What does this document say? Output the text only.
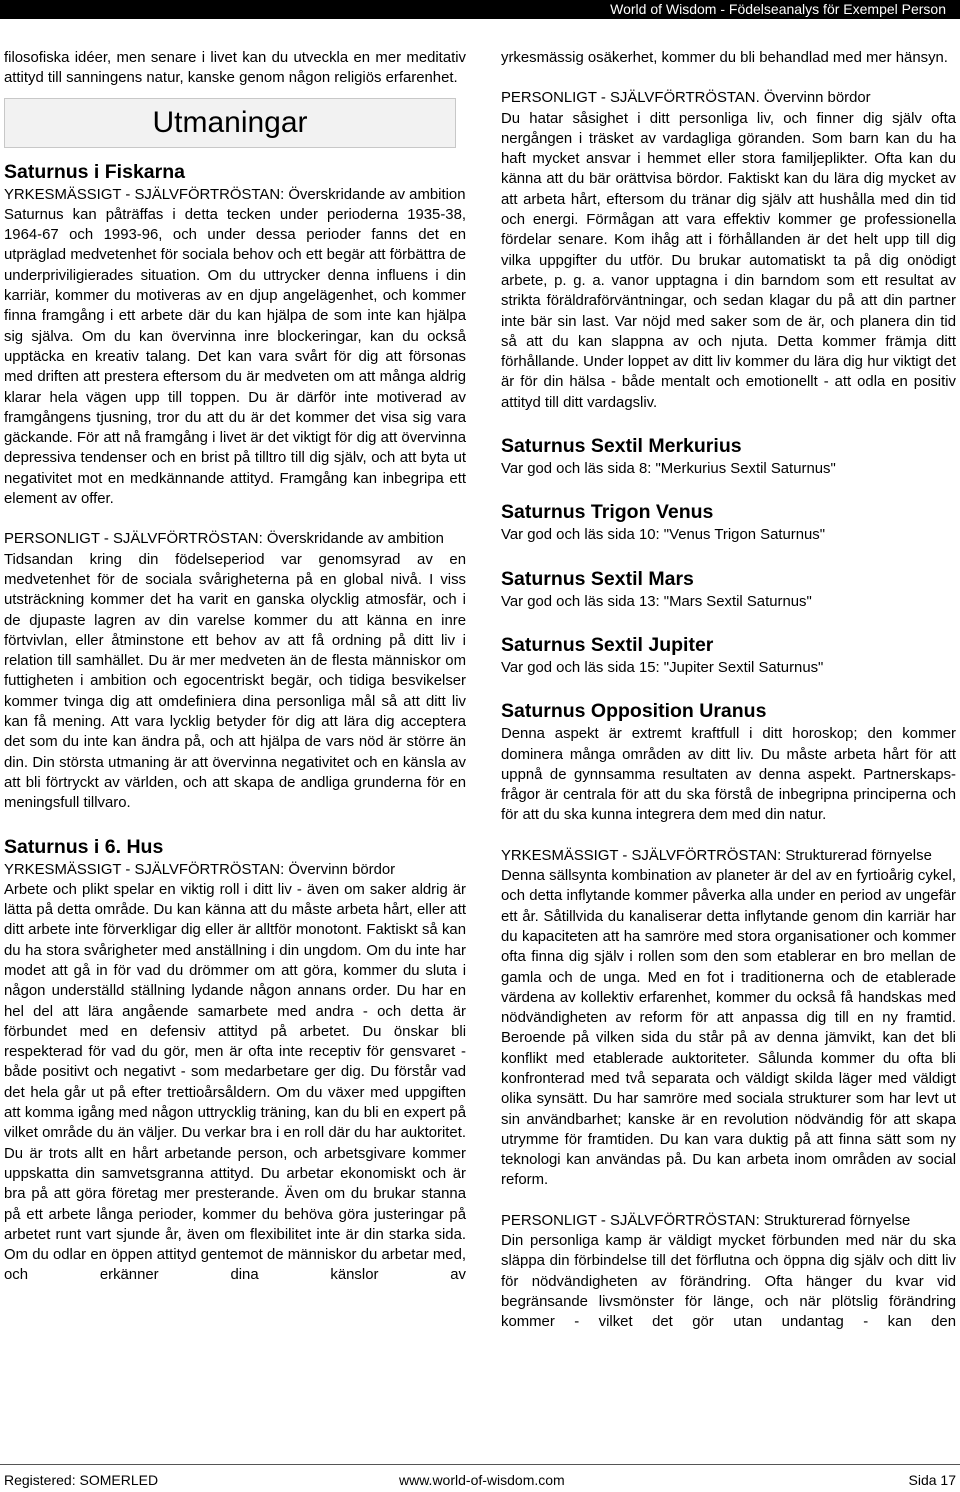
World of Wisdom - Födelseanalys för Exempel Person

filosofiska idéer, men senare i livet kan du utveckla en mer meditativ attityd till sanningens natur, kanske genom någon religiös erfarenhet.

Utmaningar
Saturnus i Fiskarna

YRKESMÄSSIGT - SJÄLVFÖRTRÖSTAN: Överskridande av ambition

Saturnus kan påträffas i detta tecken under perioderna 1935-38, 1964-67 och 1993-96, och under dessa perioder fanns det en utpräglad medvetenhet för sociala behov och ett begär att förbättra de underpriviligierades situation. Om du uttrycker denna influens i din karriär, kommer du motiveras av en djup angelägenhet, och kommer finna framgång i ett arbete där du kan hjälpa de som inte kan hjälpa sig själva. Om du kan övervinna inre blockeringar, kan du också upptäcka en kreativ talang. Det kan vara svårt för dig att försonas med driften att prestera eftersom du är medveten om att många aldrig klarar hela vägen upp till toppen. Du är därför inte motiverad av framgångens tjusning, tror du att du är det kommer det visa sig vara gäckande. För att nå framgång i livet är det viktigt för dig att övervinna depressiva tendenser och en brist på tilltro till dig själv, och att byta ut negativitet mot en medkännande attityd. Framgång kan inbegripa ett element av offer.

PERSONLIGT - SJÄLVFÖRTRÖSTAN: Överskridande av ambition

Tidsandan kring din födelseperiod var genomsyrad av en medvetenhet för de sociala svårigheterna på en global nivå. I viss utsträckning kommer det ha varit en ganska olycklig atmosfär, och i de djupaste lagren av din varelse kommer du att känna en inre förtvivlan, eller åtminstone ett behov av att få ordning på ditt liv i relation till samhället. Du är mer medveten än de flesta människor om futtigheten i ambition och egocentriskt begär, och tidiga besvikelser kommer tvinga dig att omdefiniera dina personliga mål så att ditt liv kan få mening. Att vara lycklig betyder för dig att lära dig acceptera det som du inte kan ändra på, och att hjälpa de vars nöd är större än din. Din största utmaning är att övervinna negativitet och en känsla av att bli förtryckt av världen, och att skapa de andliga grunderna för en meningsfull tillvaro.

Saturnus i 6. Hus

YRKESMÄSSIGT - SJÄLVFÖRTRÖSTAN: Övervinn bördor

Arbete och plikt spelar en viktig roll i ditt liv - även om saker aldrig är lätta på detta område. Du kan känna att du måste arbeta hårt, eller att ditt arbete inte förverkligar dig eller är alltför monotont. Faktiskt så kan du ha stora svårigheter med anställning i din ungdom. Om du inte har modet att gå in för vad du drömmer om att göra, kommer du sluta i någon underställd ställning lydande någon annans order. Du har en hel del att lära angående samarbete med andra - och detta är förbundet med en defensiv attityd på arbetet. Du önskar bli respekterad för vad du gör, men är ofta inte receptiv för gensvaret - både positivt och negativt - som medarbetare ger dig. Du förstår vad det hela går ut på efter trettioårsåldern. Om du växer med uppgiften att komma igång med någon uttrycklig träning, kan du bli en expert på vilket område du än väljer. Du verkar bra i en roll där du har auktoritet. Du är trots allt en hårt arbetande person, och arbetsgivare kommer uppskatta din samvetsgranna attityd. Du arbetar ekonomiskt och är bra på att göra företag mer presterande. Även om du brukar stanna på ett arbete långa perioder, kommer du behöva göra justeringar på arbetet runt vart sjunde år, även om flexibilitet inte är din starka sida. Om du odlar en öppen attityd gentemot de människor du arbetar med, och erkänner dina känslor av

yrkesmässig osäkerhet, kommer du bli behandlad med mer hänsyn.

PERSONLIGT - SJÄLVFÖRTRÖSTAN. Övervinn bördor

Du hatar såsighet i ditt personliga liv, och finner dig själv ofta nergången i träsket av vardagliga göranden. Som barn kan du ha haft mycket ansvar i hemmet eller stora familjeplikter. Ofta kan du känna att du bär orättvisa bördor. Faktiskt kan du lära dig mycket av att arbeta hårt, eftersom du tränar dig själv att hushålla med din tid och energi. Förmågan att vara effektiv kommer ge professionella fördelar senare. Kom ihåg att i förhållanden är det helt upp till dig vilka uppgifter du utför. Du brukar automatiskt ta på dig onödigt arbete, p. g. a. vanor upptagna i din barndom som ett resultat av strikta föräldraförväntningar, och sedan klagar du på att din partner inte bär sin last. Var nöjd med saker som de är, och planera din tid så att du kan slappna av och njuta. Detta kommer främja ditt förhållande. Under loppet av ditt liv kommer du lära dig hur viktigt det är för din hälsa - både mentalt och emotionellt - att odla en positiv attityd till ditt vardagsliv.

Saturnus Sextil Merkurius

Var god och läs sida 8: "Merkurius Sextil Saturnus"

Saturnus Trigon Venus

Var god och läs sida 10: "Venus Trigon Saturnus"

Saturnus Sextil Mars

Var god och läs sida 13: "Mars Sextil Saturnus"

Saturnus Sextil Jupiter

Var god och läs sida 15: "Jupiter Sextil Saturnus"

Saturnus Opposition Uranus

Denna aspekt är extremt kraftfull i ditt horoskop; den kommer dominera många områden av ditt liv. Du måste arbeta hårt för att uppnå de gynnsamma resultaten av denna aspekt. Partnerskaps-frågor är centrala för att du ska förstå de inbegripna principerna och för att du ska kunna integrera dem med din natur.

YRKESMÄSSIGT - SJÄLVFÖRTRÖSTAN: Strukturerad förnyelse

Denna sällsynta kombination av planeter är del av en fyrtioårig cykel, och detta inflytande kommer påverka alla under en period av ungefär ett år. Såtillvida du kanaliserar detta inflytande genom din karriär har du kapaciteten att ha samröre med stora organisationer och kommer ofta finna dig själv i rollen som den som etablerar en bro mellan de gamla och de unga. Med en fot i traditionerna och de etablerade värdena av kollektiv erfarenhet, kommer du också få handskas med nödvändigheten av reform för att anpassa dig till en ny framtid. Beroende på vilken sida du står på av denna jämvikt, kan det bli konflikt med etablerade auktoriteter. Sålunda kommer du ofta bli konfronterad med två separata och väldigt skilda läger med väldigt olika synsätt. Du har samröre med sociala strukturer som har levt ut sin användbarhet; kanske är en revolution nödvändig för att skapa utrymme för framtiden. Du kan vara duktig på att finna sätt som ny teknologi kan användas på. Du kan arbeta inom områden av social reform.

PERSONLIGT - SJÄLVFÖRTRÖSTAN: Strukturerad förnyelse

Din personliga kamp är väldigt mycket förbunden med när du ska släppa din förbindelse till det förflutna och öppna dig själv och ditt liv för nödvändigheten av förändring. Ofta hänger du kvar vid begränsande livsmönster för länge, och när plötslig förändring kommer - vilket det gör utan undantag - kan den

Registered: SOMERLED	www.world-of-wisdom.com	Sida 17
